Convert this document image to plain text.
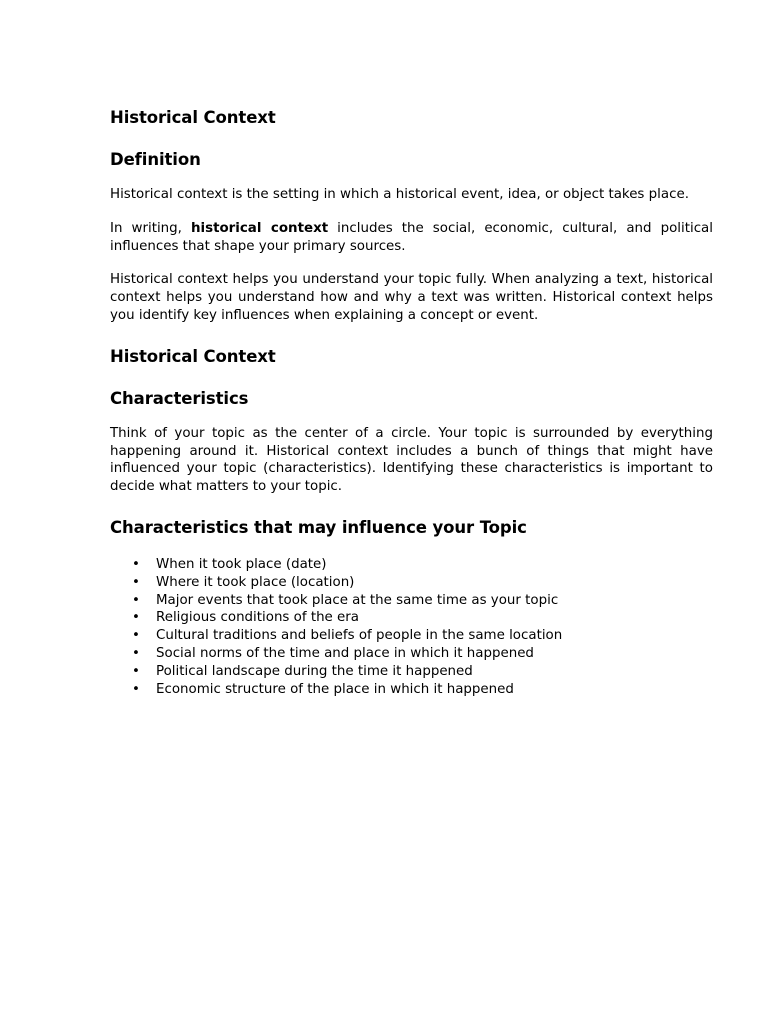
Historical Context
Definition

Historical context is the setting in which a historical event, idea, or object takes place.

In writing, historical context includes the social, economic, cultural, and political influences that shape your primary sources.

Historical context helps you understand your topic fully. When analyzing a text, historical context helps you understand how and why a text was written. Historical context helps you identify key influences when explaining a concept or event.

Historical Context
Characteristics

Think of your topic as the center of a circle. Your topic is surrounded by everything happening around it. Historical context includes a bunch of things that might have influenced your topic (characteristics). Identifying these characteristics is important to decide what matters to your topic.

Characteristics that may influence your Topic
• When it took place (date)
• Where it took place (location)
• Major events that took place at the same time as your topic
• Religious conditions of the era
• Cultural traditions and beliefs of people in the same location
• Social norms of the time and place in which it happened
• Political landscape during the time it happened
• Economic structure of the place in which it happened
